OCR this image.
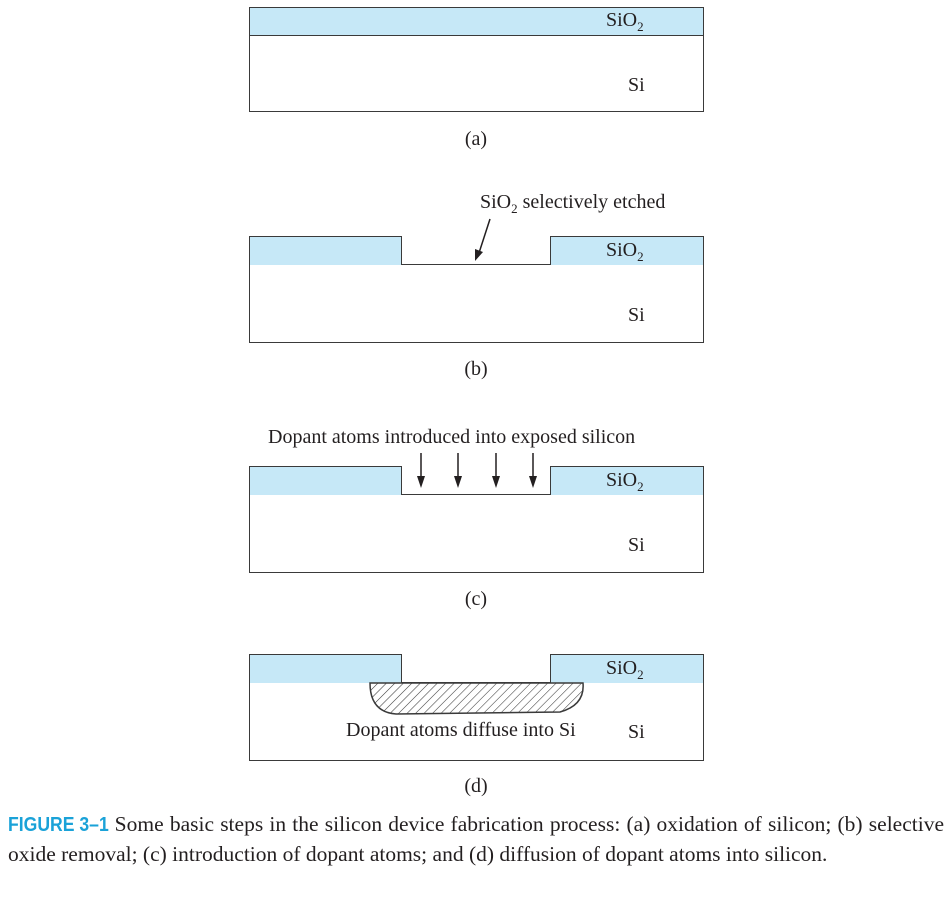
SiO$_2$
Si
(a)
SiO$_2$ selectively etched
SiO$_2$
Si
(b)
Dopant atoms introduced into exposed silicon
SiO$_2$
Si
(c)
SiO$_2$
Dopant atoms diffuse into Si	Si
(d)
FIGURE 3–1 Some basic steps in the silicon device fabrication process: (a) oxidation of silicon; (b) selective oxide removal; (c) introduction of dopant atoms; and (d) diffusion of dopant atoms into silicon.
